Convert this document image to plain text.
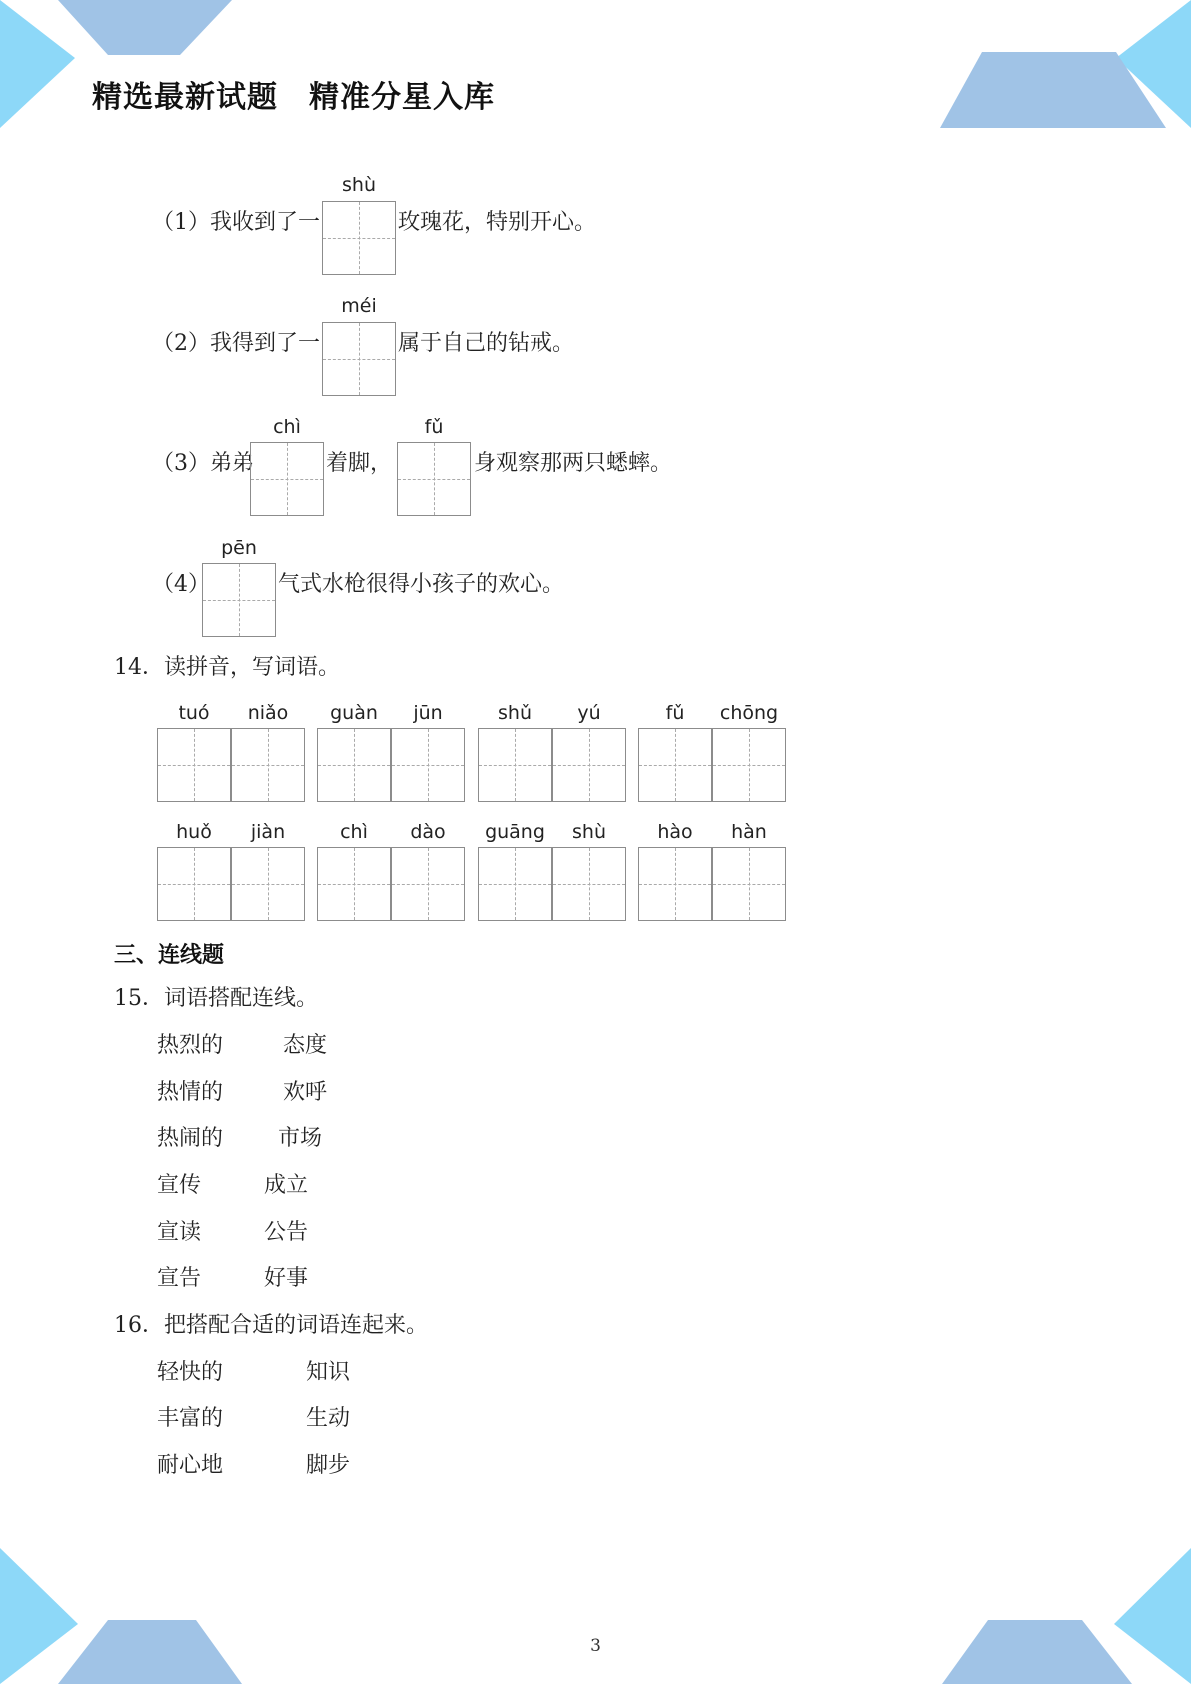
精选最新试题　精准分星入库
（1）我收到了一
shù
玫瑰花，特别开心。
（2）我得到了一
méi
属于自己的钻戒。
（3）弟弟
chì
着脚，
fǔ
身观察那两只蟋蟀。
（4）
pēn
气式水枪很得小孩子的欢心。
14．读拼音，写词语。
tuó	niǎo	guàn	jūn	shǔ	yú	fǔ	chōng
huǒ	jiàn	chì	dào	guāng	shù	hào	hàn
三、连线题
15．词语搭配连线。
热烈的	态度
热情的	欢呼
热闹的 市场
宣传	成立
宣读	公告
宣告	好事
16．把搭配合适的词语连起来。
轻快的	知识
丰富的	生动
耐心地	脚步
3
